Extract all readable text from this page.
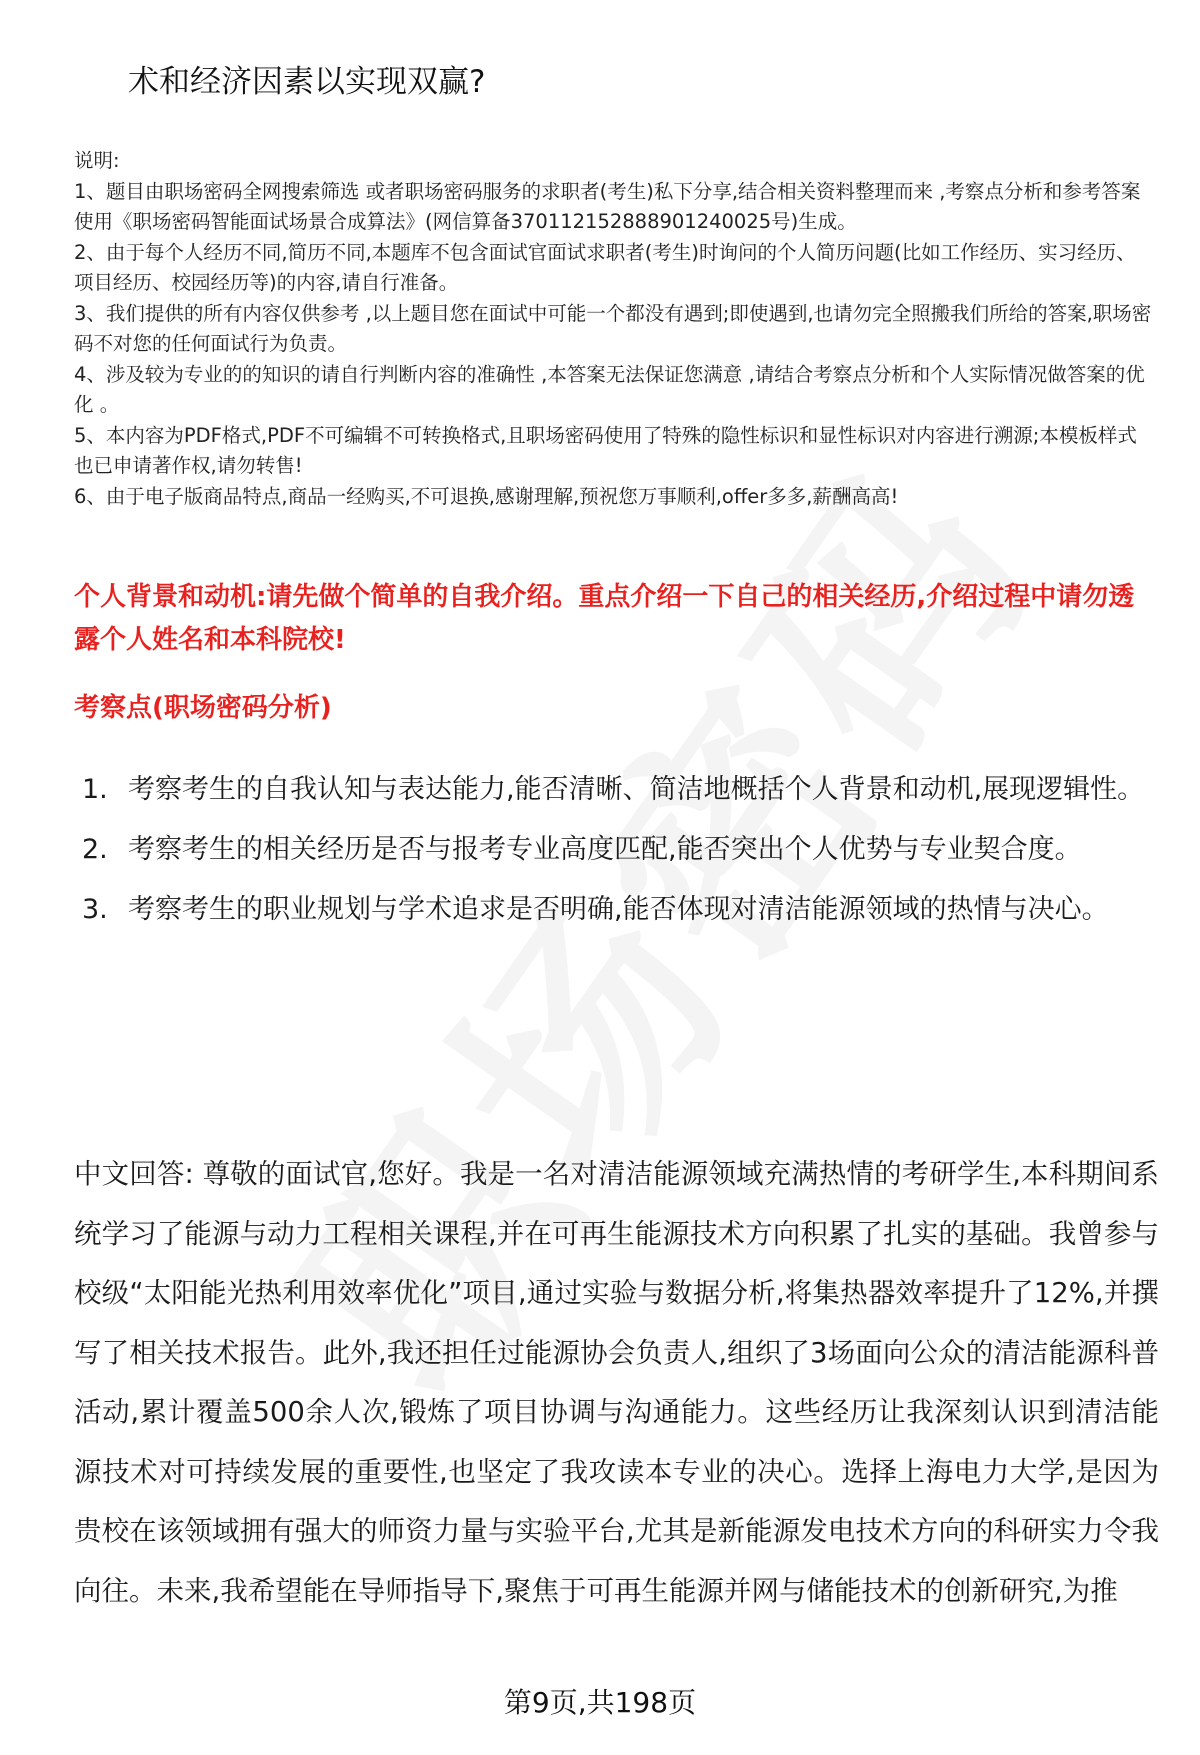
术和经济因素以实现双赢?

说明:

1、题目由职场密码全网搜索筛选 或者职场密码服务的求职者(考生)私下分享,结合相关资料整理而来 ,考察点分析和参考答案使用《职场密码智能面试场景合成算法》(网信算备370112152888901240025号)生成。

2、由于每个人经历不同,简历不同,本题库不包含面试官面试求职者(考生)时询问的个人简历问题(比如工作经历、实习经历、项目经历、校园经历等)的内容,请自行准备。

3、我们提供的所有内容仅供参考 ,以上题目您在面试中可能一个都没有遇到;即使遇到,也请勿完全照搬我们所给的答案,职场密码不对您的任何面试行为负责。

4、涉及较为专业的的知识的请自行判断内容的准确性 ,本答案无法保证您满意 ,请结合考察点分析和个人实际情况做答案的优化 。

5、本内容为PDF格式,PDF不可编辑不可转换格式,且职场密码使用了特殊的隐性标识和显性标识对内容进行溯源;本模板样式也已申请著作权,请勿转售!

6、由于电子版商品特点,商品一经购买,不可退换,感谢理解,预祝您万事顺利,offer多多,薪酬高高!

个人背景和动机:请先做个简单的自我介绍。重点介绍一下自己的相关经历,介绍过程中请勿透露个人姓名和本科院校!
考察点(职场密码分析)
1. 考察考生的自我认知与表达能力,能否清晰、简洁地概括个人背景和动机,展现逻辑性。
2. 考察考生的相关经历是否与报考专业高度匹配,能否突出个人优势与专业契合度。
3. 考察考生的职业规划与学术追求是否明确,能否体现对清洁能源领域的热情与决心。
中文回答: 尊敬的面试官,您好。我是一名对清洁能源领域充满热情的考研学生,本科期间系统学习了能源与动力工程相关课程,并在可再生能源技术方向积累了扎实的基础。我曾参与校级“太阳能光热利用效率优化”项目,通过实验与数据分析,将集热器效率提升了12%,并撰写了相关技术报告。此外,我还担任过能源协会负责人,组织了3场面向公众的清洁能源科普活动,累计覆盖500余人次,锻炼了项目协调与沟通能力。这些经历让我深刻认识到清洁能源技术对可持续发展的重要性,也坚定了我攻读本专业的决心。选择上海电力大学,是因为贵校在该领域拥有强大的师资力量与实验平台,尤其是新能源发电技术方向的科研实力令我向往。未来,我希望能在导师指导下,聚焦于可再生能源并网与储能技术的创新研究,为推
第9页,共198页
